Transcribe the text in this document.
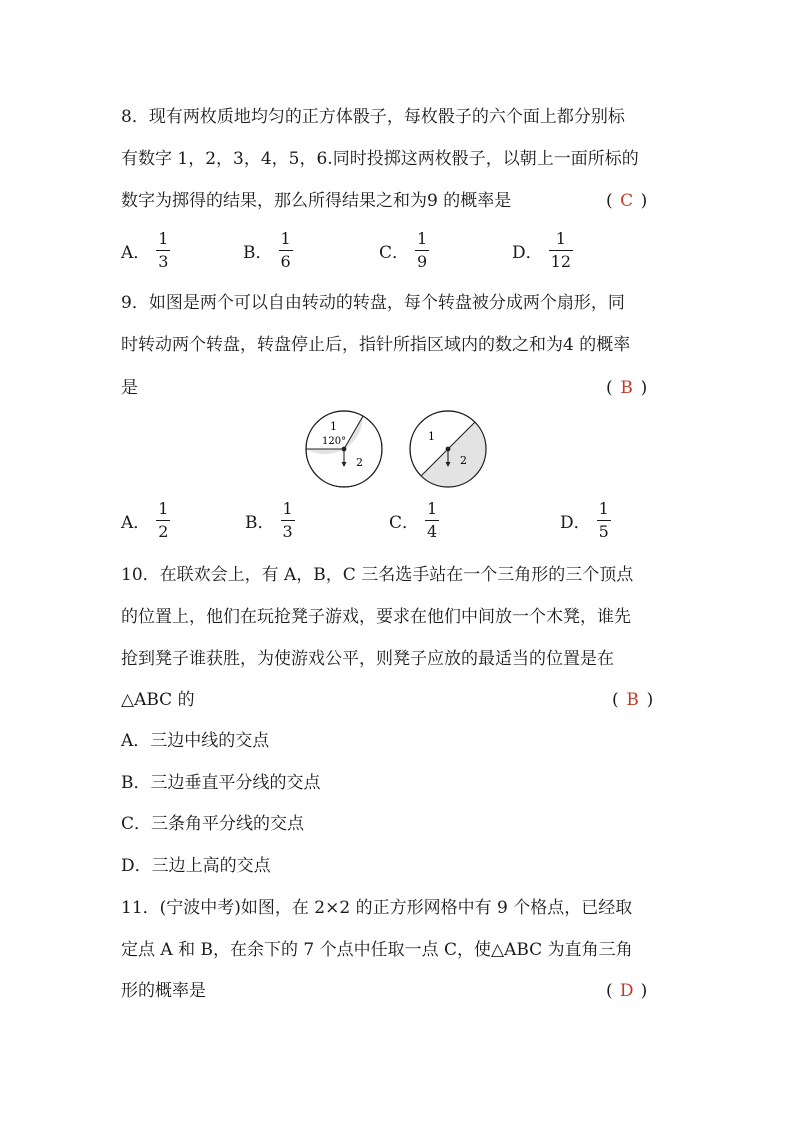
8．现有两枚质地均匀的正方体骰子，每枚骰子的六个面上都分别标
有数字 1，2，3，4，5，6.同时投掷这两枚骰子，以朝上一面所标的
数字为掷得的结果，那么所得结果之和为9 的概率是	( C )
A． $\frac{1}{3}$	B． $\frac{1}{6}$	C． $\frac{1}{9}$	D． $\frac{1}{12}$
9．如图是两个可以自由转动的转盘，每个转盘被分成两个扇形，同
时转动两个转盘，转盘停止后，指针所指区域内的数之和为4 的概率
是	( B )
1
120°
2
1
2
A． $\frac{1}{2}$	B． $\frac{1}{3}$	C． $\frac{1}{4}$	D． $\frac{1}{5}$
10．在联欢会上，有 A，B，C 三名选手站在一个三角形的三个顶点
的位置上，他们在玩抢凳子游戏，要求在他们中间放一个木凳，谁先
抢到凳子谁获胜，为使游戏公平，则凳子应放的最适当的位置是在
△ABC 的	( B )
A．三边中线的交点
B．三边垂直平分线的交点
C．三条角平分线的交点
D．三边上高的交点
11．(宁波中考)如图，在 2×2 的正方形网格中有 9 个格点，已经取
定点 A 和 B，在余下的 7 个点中任取一点 C，使△ABC 为直角三角
形的概率是	( D )
